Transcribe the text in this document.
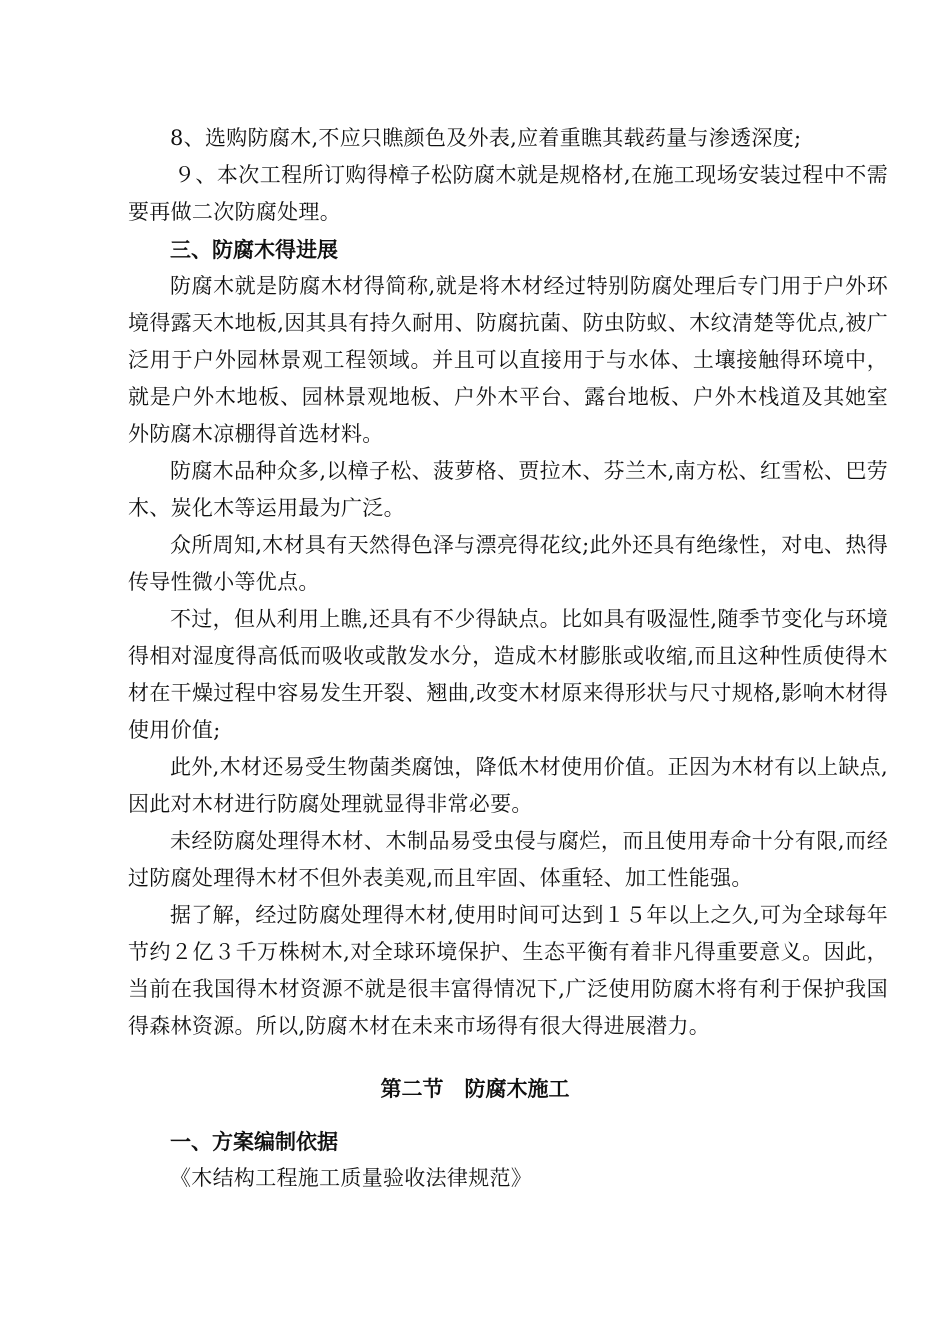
8、选购防腐木,不应只瞧颜色及外表,应着重瞧其载药量与渗透深度;

９、本次工程所订购得樟子松防腐木就是规格材,在施工现场安装过程中不需要再做二次防腐处理。

三、防腐木得进展

防腐木就是防腐木材得简称,就是将木材经过特别防腐处理后专门用于户外环境得露天木地板,因其具有持久耐用、防腐抗菌、防虫防蚁、木纹清楚等优点,被广泛用于户外园林景观工程领域。并且可以直接用于与水体、土壤接触得环境中，就是户外木地板、园林景观地板、户外木平台、露台地板、户外木栈道及其她室外防腐木凉棚得首选材料。

防腐木品种众多,以樟子松、菠萝格、贾拉木、芬兰木,南方松、红雪松、巴劳木、炭化木等运用最为广泛。

众所周知,木材具有天然得色泽与漂亮得花纹;此外还具有绝缘性，对电、热得传导性微小等优点。

不过，但从利用上瞧,还具有不少得缺点。比如具有吸湿性,随季节变化与环境得相对湿度得高低而吸收或散发水分，造成木材膨胀或收缩,而且这种性质使得木材在干燥过程中容易发生开裂、翘曲,改变木材原来得形状与尺寸规格,影响木材得使用价值;

此外,木材还易受生物菌类腐蚀，降低木材使用价值。正因为木材有以上缺点,因此对木材进行防腐处理就显得非常必要。

未经防腐处理得木材、木制品易受虫侵与腐烂，而且使用寿命十分有限,而经过防腐处理得木材不但外表美观,而且牢固、体重轻、加工性能强。

据了解，经过防腐处理得木材,使用时间可达到１５年以上之久,可为全球每年节约２亿３千万株树木,对全球环境保护、生态平衡有着非凡得重要意义。因此，当前在我国得木材资源不就是很丰富得情况下,广泛使用防腐木将有利于保护我国得森林资源。所以,防腐木材在未来市场得有很大得进展潜力。

第二节　防腐木施工

一、方案编制依据

《木结构工程施工质量验收法律规范》
